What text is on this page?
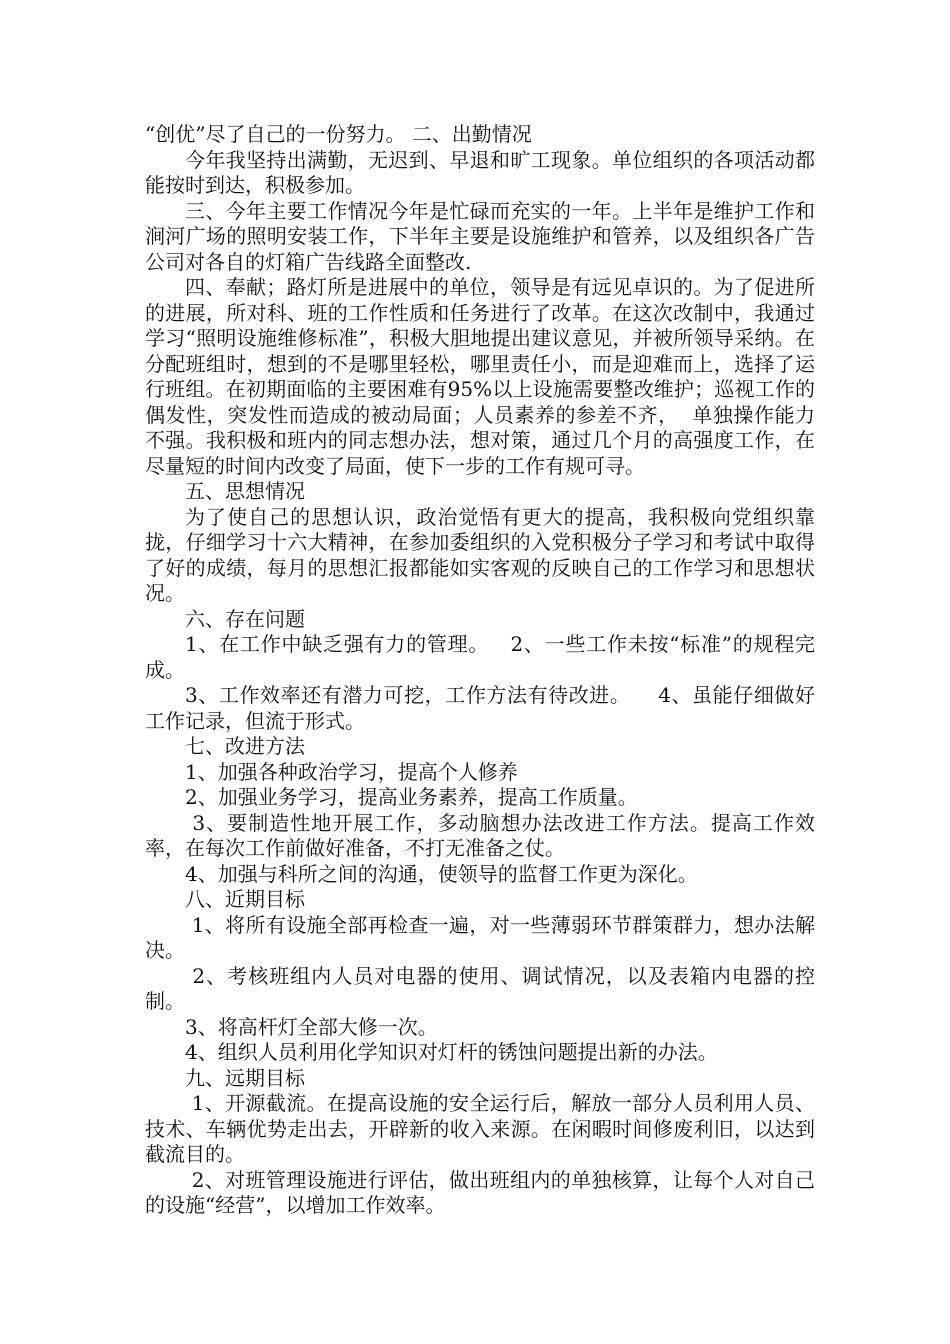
“创优”尽了自己的一份努力。 二、出勤情况

今年我坚持出满勤，无迟到、早退和旷工现象。单位组织的各项活动都能按时到达，积极参加。

三、今年主要工作情况今年是忙碌而充实的一年。上半年是维护工作和涧河广场的照明安装工作，下半年主要是设施维护和管养，以及组织各广告公司对各自的灯箱广告线路全面整改.

四、奉献；路灯所是进展中的单位，领导是有远见卓识的。为了促进所的进展，所对科、班的工作性质和任务进行了改革。在这次改制中，我通过学习“照明设施维修标准”，积极大胆地提出建议意见，并被所领导采纳。在分配班组时，想到的不是哪里轻松，哪里责任小，而是迎难而上，选择了运行班组。在初期面临的主要困难有95%以上设施需要整改维护；巡视工作的偶发性，突发性而造成的被动局面；人员素养的参差不齐，  单独操作能力不强。我积极和班内的同志想办法，想对策，通过几个月的高强度工作，在尽量短的时间内改变了局面，使下一步的工作有规可寻。

五、思想情况

为了使自己的思想认识，政治觉悟有更大的提高，我积极向党组织靠拢，仔细学习十六大精神，在参加委组织的入党积极分子学习和考试中取得了好的成绩，每月的思想汇报都能如实客观的反映自己的工作学习和思想状况。

六、存在问题

1、在工作中缺乏强有力的管理。   2、一些工作未按“标准”的规程完成。

3、工作效率还有潜力可挖，工作方法有待改进。    4、虽能仔细做好工作记录，但流于形式。

七、改进方法

1、加强各种政治学习，提高个人修养

2、加强业务学习，提高业务素养，提高工作质量。

3、要制造性地开展工作，多动脑想办法改进工作方法。提高工作效率，在每次工作前做好准备，不打无准备之仗。

4、加强与科所之间的沟通，使领导的监督工作更为深化。

八、近期目标

1、将所有设施全部再检查一遍，对一些薄弱环节群策群力，想办法解决。

2、考核班组内人员对电器的使用、调试情况，以及表箱内电器的控制。

3、将高杆灯全部大修一次。

4、组织人员利用化学知识对灯杆的锈蚀问题提出新的办法。

九、远期目标

1、开源截流。在提高设施的安全运行后，解放一部分人员利用人员、技术、车辆优势走出去，开辟新的收入来源。在闲暇时间修废利旧，以达到截流目的。

2、对班管理设施进行评估，做出班组内的单独核算，让每个人对自己的设施“经营”，以增加工作效率。
